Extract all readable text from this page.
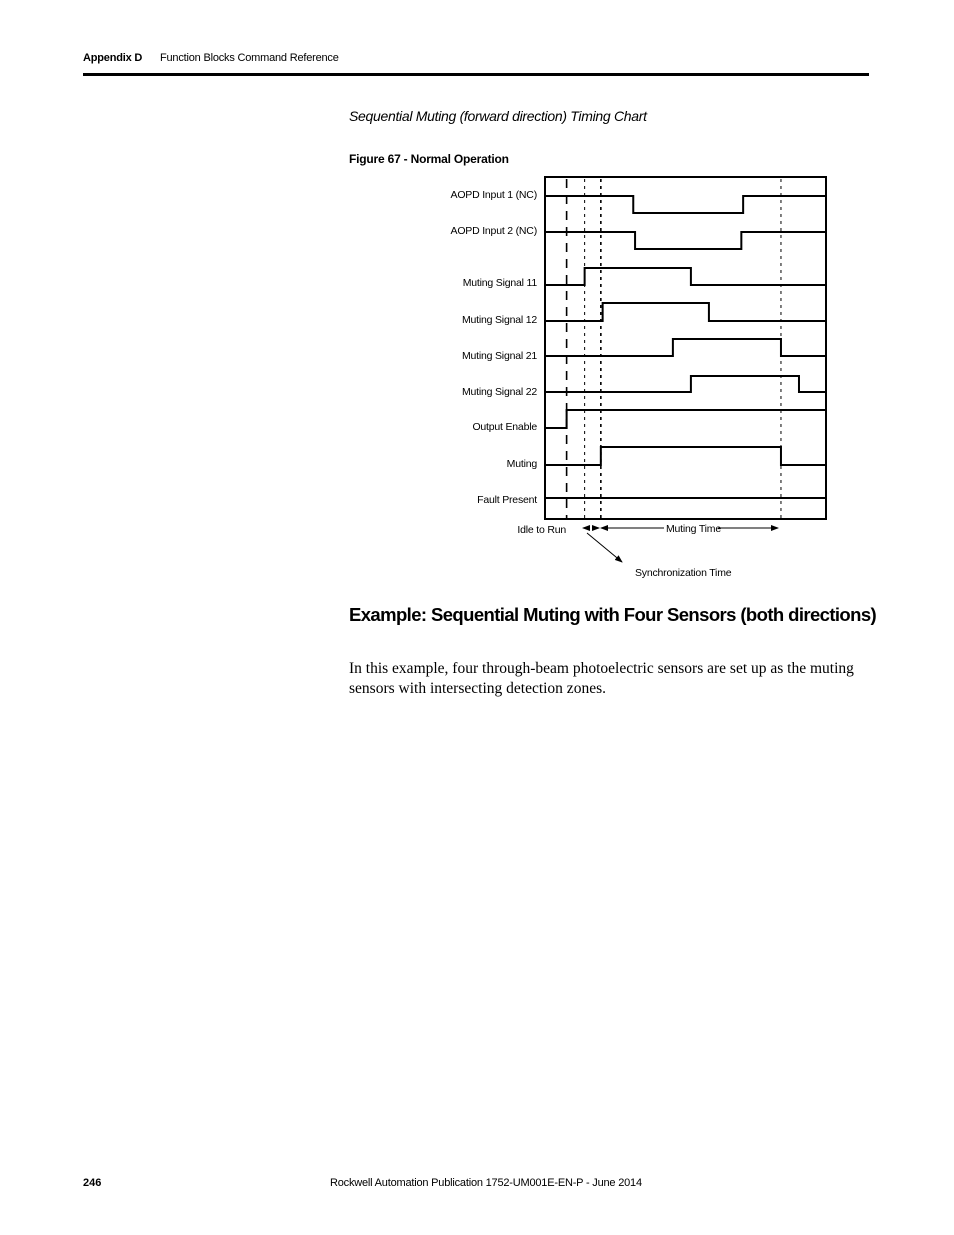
Appendix D Function Blocks Command Reference
Sequential Muting (forward direction) Timing Chart
Figure 67 - Normal Operation
AOPD Input 1 (NC)
AOPD Input 2 (NC)
Muting Signal 11
Muting Signal 12
Muting Signal 21
Muting Signal 22
Output Enable
Muting
Fault Present
Idle to Run	Muting Time
Synchronization Time
Example: Sequential Muting with Four Sensors (both directions)
In this example, four through-beam photoelectric sensors are set up as the muting sensors with intersecting detection zones.
246	Rockwell Automation Publication 1752-UM001E-EN-P - June 2014
